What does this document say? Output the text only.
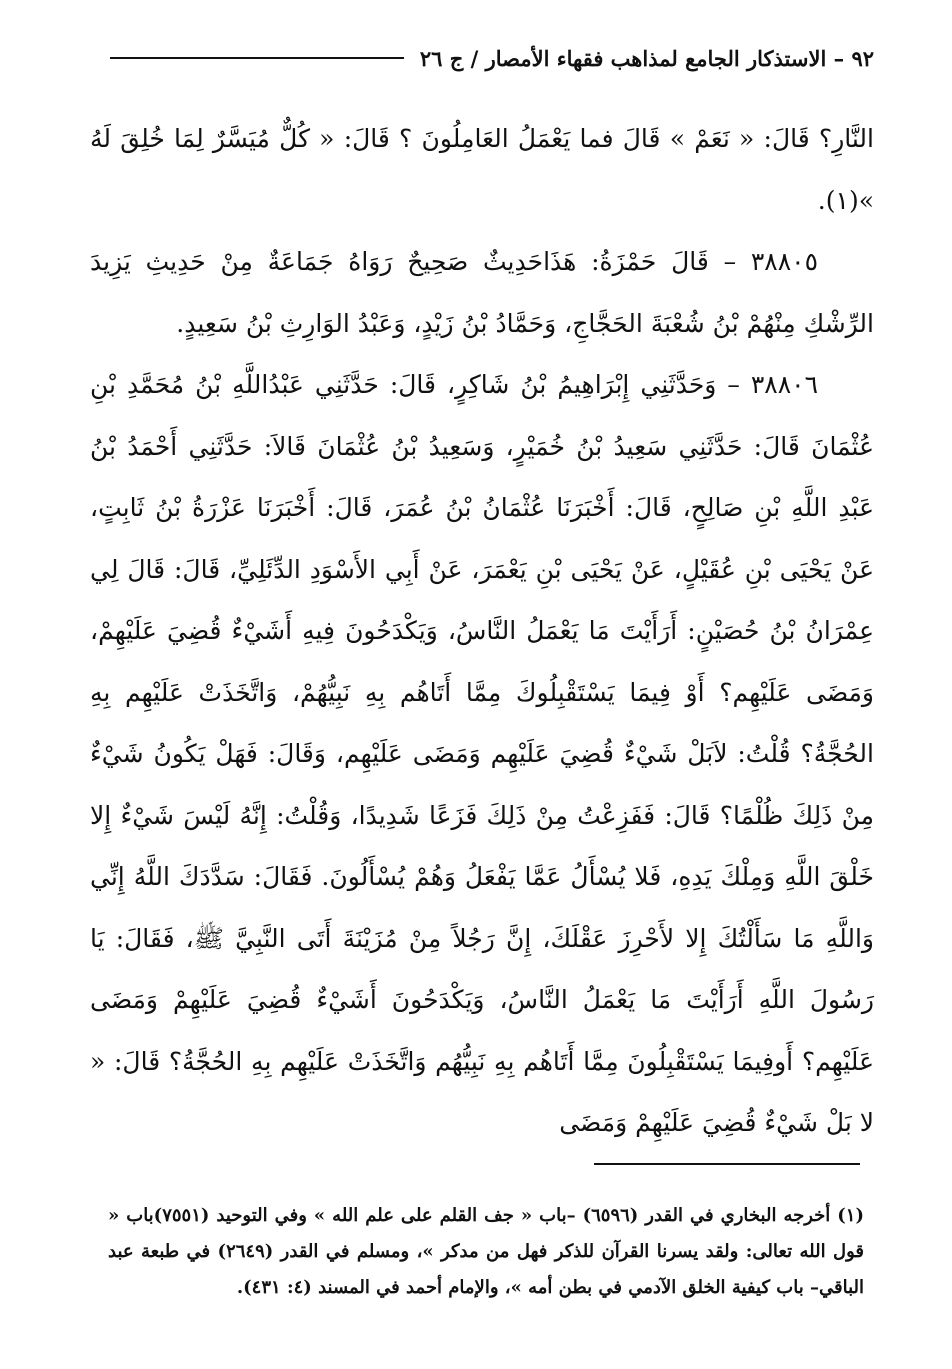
٩٢ – الاستذكار الجامع لمذاهب فقهاء الأمصار / ج ٢٦

النَّارِ؟ قَالَ: « نَعَمْ » قَالَ فما يَعْمَلُ العَامِلُونَ ؟ قَالَ: « كُلٌّ مُيَسَّرٌ لِمَا خُلِقَ لَهُ »(١).

٣٨٨٠٥ – قَالَ حَمْزَةُ: هَذَاحَدِيثٌ صَحِيحٌ رَوَاهُ جَمَاعَةٌ مِنْ حَدِيثِ يَزِيدَ الرِّشْكِ مِنْهُمْ بْنُ شُعْبَةَ الحَجَّاجِ، وَحَمَّادُ بْنُ زَيْدٍ، وَعَبْدُ الوَارِثِ بْنُ سَعِيدٍ.

٣٨٨٠٦ – وَحَدَّثَنِي إِبْرَاهِيمُ بْنُ شَاكِرٍ، قَالَ: حَدَّثَنِي عَبْدُاللَّهِ بْنُ مُحَمَّدِ بْنِ عُثْمَانَ قَالَ: حَدَّثَنِي سَعِيدُ بْنُ خُمَيْرٍ، وَسَعِيدُ بْنُ عُثْمَانَ قَالاَ: حَدَّثَنِي أَحْمَدُ بْنُ عَبْدِ اللَّهِ بْنِ صَالِحٍ، قَالَ: أَخْبَرَنَا عُثْمَانُ بْنُ عُمَرَ، قَالَ: أَخْبَرَنَا عَزْرَةُ بْنُ ثَابِتٍ، عَنْ يَحْيَى بْنِ عُقَيْلٍ، عَنْ يَحْيَى بْنِ يَعْمَرَ، عَنْ أَبِي الأَسْوَدِ الدِّئَلِيِّ، قَالَ: قَالَ لِي عِمْرَانُ بْنُ حُصَيْنٍ: أَرَأَيْتَ مَا يَعْمَلُ النَّاسُ، وَيَكْدَحُونَ فِيهِ أَشَيْءٌ قُضِيَ عَلَيْهِمْ، وَمَضَى عَلَيْهِم؟ أَوْ فِيمَا يَسْتَقْبِلُوكَ مِمَّا أَتَاهُم بِهِ نَبِيُّهُمْ، وَاتَّخَذَتْ عَلَيْهِم بِهِ الحُجَّةُ؟ قُلْتُ: لاَبَلْ شَيْءٌ قُضِيَ عَلَيْهِم وَمَضَى عَلَيْهِم، وَقَالَ: فَهَلْ يَكُونُ شَيْءٌ مِنْ ذَلِكَ ظُلْمًا؟ قَالَ: فَفَزِعْتُ مِنْ ذَلِكَ فَزَعًا شَدِيدًا، وَقُلْتُ: إِنَّهُ لَيْسَ شَيْءٌ إِلا خَلْقَ اللَّهِ وَمِلْكَ يَدِهِ، فَلا يُسْأَلُ عَمَّا يَفْعَلُ وَهُمْ يُسْأَلُونَ. فَقَالَ: سَدَّدَكَ اللَّهُ إِنِّي وَاللَّهِ مَا سَأَلْتُكَ إِلا لأَحْرِزَ عَقْلَكَ، إِنَّ رَجُلاً مِنْ مُزَيْنَةَ أَتَى النَّبِيَّ ﷺ، فَقَالَ: يَا رَسُولَ اللَّهِ أَرَأَيْتَ مَا يَعْمَلُ النَّاسُ، وَيَكْدَحُونَ أَشَيْءٌ قُضِيَ عَلَيْهِمْ وَمَضَى عَلَيْهِم؟ أَوفِيمَا يَسْتَقْبِلُونَ مِمَّا أَتَاهُم بِهِ نَبِيُّهُم وَاتَّخَذَتْ عَلَيْهِم بِهِ الحُجَّةُ؟ قَالَ: « لا بَلْ شَيْءٌ قُضِيَ عَلَيْهِمْ وَمَضَى

(١) أخرجه البخاري في القدر (٦٥٩٦) –باب « جف القلم على علم الله » وفي التوحيد (٧٥٥١)باب « قول الله تعالى: ولقد يسرنا القرآن للذكر فهل من مدكر »، ومسلم في القدر (٢٦٤٩) في طبعة عبد الباقي– باب كيفية الخلق الآدمي في بطن أمه »، والإمام أحمد في المسند (٤: ٤٣١).
